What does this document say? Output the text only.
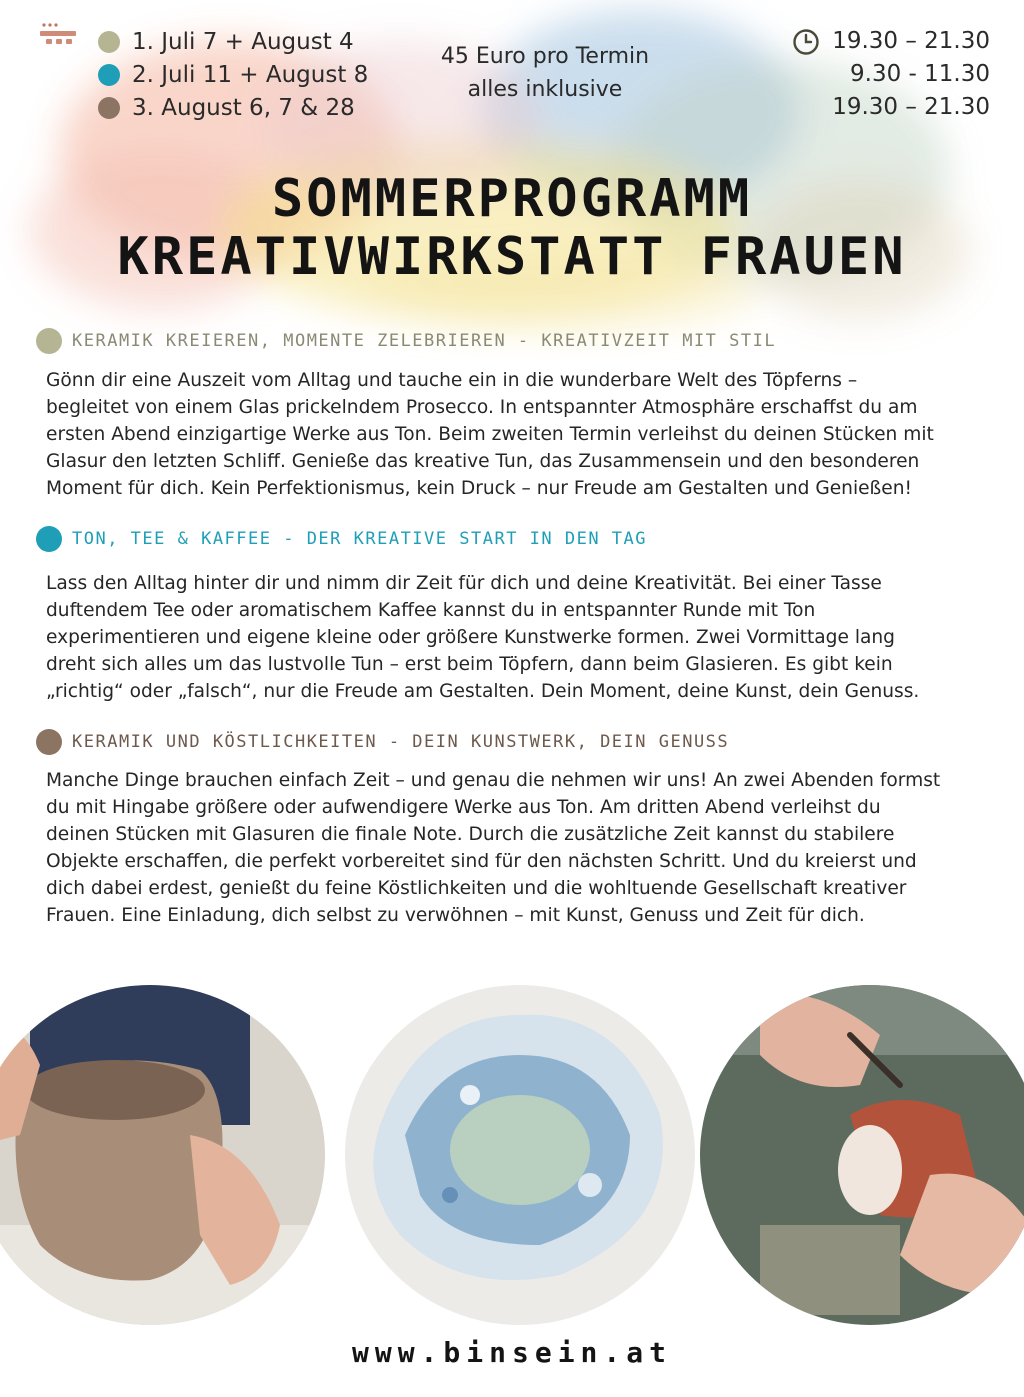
1. Juli 7 + August 4
2. Juli 11 + August 8
3. August 6, 7 & 28
45 Euro pro Termin
alles inklusive
19.30 – 21.30
9.30 - 11.30
19.30 – 21.30
SOMMERPROGRAMM
KREATIVWIRKSTATT FRAUEN
KERAMIK KREIEREN, MOMENTE ZELEBRIEREN - KREATIVZEIT MIT STIL
Gönn dir eine Auszeit vom Alltag und tauche ein in die wunderbare Welt des Töpferns –
begleitet von einem Glas prickelndem Prosecco. In entspannter Atmosphäre erschaffst du am
ersten Abend einzigartige Werke aus Ton. Beim zweiten Termin verleihst du deinen Stücken mit
Glasur den letzten Schliff. Genieße das kreative Tun, das Zusammensein und den besonderen
Moment für dich. Kein Perfektionismus, kein Druck – nur Freude am Gestalten und Genießen!
TON, TEE & KAFFEE - DER KREATIVE START IN DEN TAG
Lass den Alltag hinter dir und nimm dir Zeit für dich und deine Kreativität. Bei einer Tasse
duftendem Tee oder aromatischem Kaffee kannst du in entspannter Runde mit Ton
experimentieren und eigene kleine oder größere Kunstwerke formen. Zwei Vormittage lang
dreht sich alles um das lustvolle Tun – erst beim Töpfern, dann beim Glasieren. Es gibt kein
„richtig“ oder „falsch“, nur die Freude am Gestalten. Dein Moment, deine Kunst, dein Genuss.
KERAMIK UND KÖSTLICHKEITEN - DEIN KUNSTWERK, DEIN GENUSS
Manche Dinge brauchen einfach Zeit – und genau die nehmen wir uns! An zwei Abenden formst
du mit Hingabe größere oder aufwendigere Werke aus Ton. Am dritten Abend verleihst du
deinen Stücken mit Glasuren die finale Note. Durch die zusätzliche Zeit kannst du stabilere
Objekte erschaffen, die perfekt vorbereitet sind für den nächsten Schritt. Und du kreierst und
dich dabei erdest, genießt du feine Köstlichkeiten und die wohltuende Gesellschaft kreativer
Frauen. Eine Einladung, dich selbst zu verwöhnen – mit Kunst, Genuss und Zeit für dich.
www.binsein.at
